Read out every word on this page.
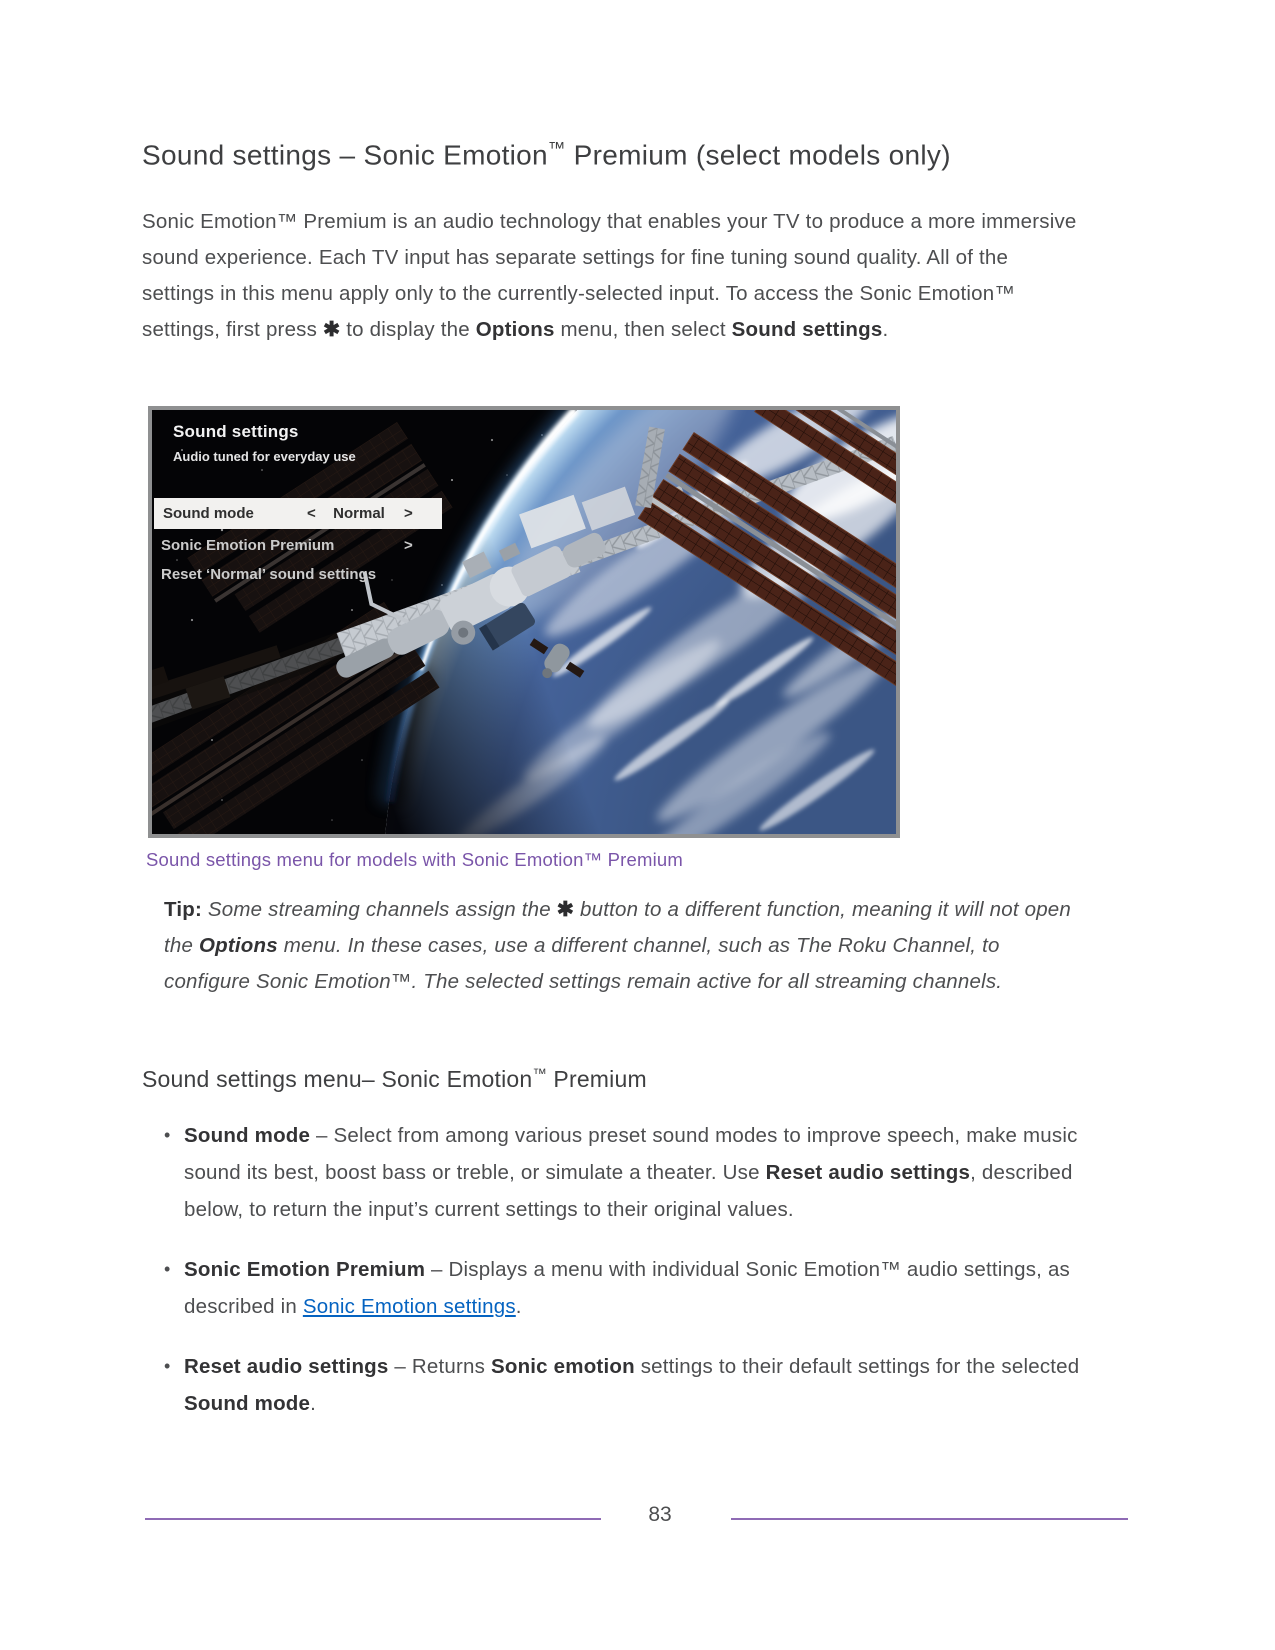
Sound settings – Sonic Emotion™ Premium (select models only)
Sonic Emotion™ Premium is an audio technology that enables your TV to produce a more immersive sound experience. Each TV input has separate settings for fine tuning sound quality. All of the settings in this menu apply only to the currently-selected input. To access the Sonic Emotion™ settings, first press ✱ to display the Options menu, then select Sound settings.
Sound settings
Audio tuned for everyday use
Sound mode	<	Normal	>
Sonic Emotion Premium	>
Reset ‘Normal’ sound settings
Sound settings menu for models with Sonic Emotion™ Premium
Tip: Some streaming channels assign the ✱ button to a different function, meaning it will not open the Options menu. In these cases, use a different channel, such as The Roku Channel, to configure Sonic Emotion™. The selected settings remain active for all streaming channels.
Sound settings menu– Sonic Emotion™ Premium
• Sound mode – Select from among various preset sound modes to improve speech, make music sound its best, boost bass or treble, or simulate a theater. Use Reset audio settings, described below, to return the input’s current settings to their original values.
• Sonic Emotion Premium – Displays a menu with individual Sonic Emotion™ audio settings, as described in Sonic Emotion settings.
• Reset audio settings – Returns Sonic emotion settings to their default settings for the selected Sound mode.
83
